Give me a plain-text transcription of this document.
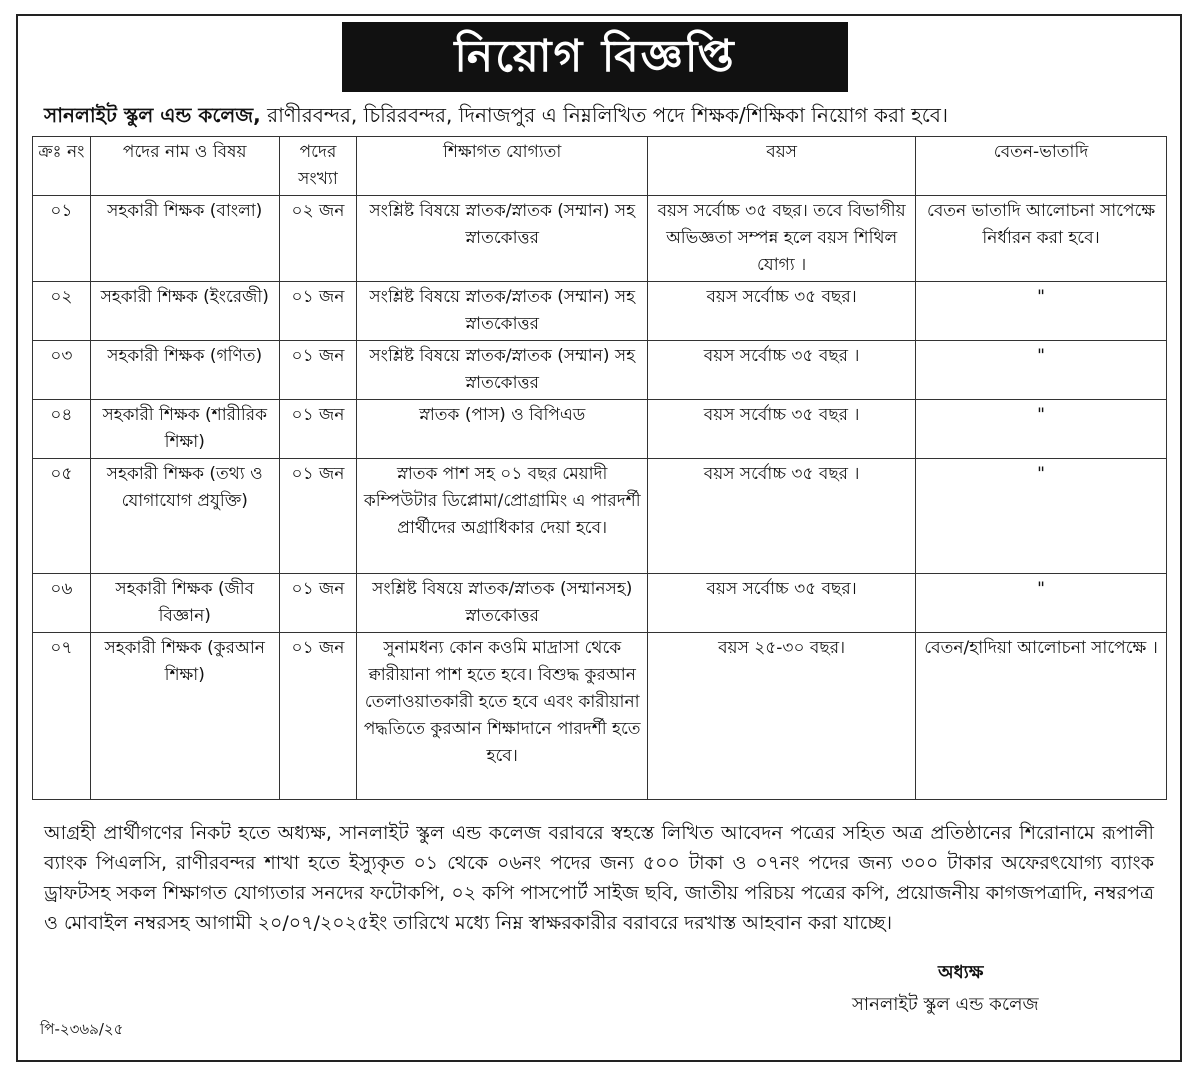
নিয়োগ বিজ্ঞপ্তি
সানলাইট স্কুল এন্ড কলেজ, রাণীরবন্দর, চিরিরবন্দর, দিনাজপুর এ নিম্নলিখিত পদে শিক্ষক/শিক্ষিকা নিয়োগ করা হবে।
ক্রঃ নং	পদের নাম ও বিষয়	পদের সংখ্যা	শিক্ষাগত যোগ্যতা	বয়স	বেতন-ভাতাদি
০১	সহকারী শিক্ষক (বাংলা)	০২ জন	সংশ্লিষ্ট বিষয়ে স্নাতক/স্নাতক (সম্মান) সহ স্নাতকোত্তর	বয়স সর্বোচ্চ ৩৫ বছর। তবে বিভাগীয় অভিজ্ঞতা সম্পন্ন হলে বয়স শিথিল যোগ্য ।	বেতন ভাতাদি আলোচনা সাপেক্ষে নির্ধারন করা হবে।
০২	সহকারী শিক্ষক (ইংরেজী)	০১ জন	সংশ্লিষ্ট বিষয়ে স্নাতক/স্নাতক (সম্মান) সহ স্নাতকোত্তর	বয়স সর্বোচ্চ ৩৫ বছর।	"
০৩	সহকারী শিক্ষক (গণিত)	০১ জন	সংশ্লিষ্ট বিষয়ে স্নাতক/স্নাতক (সম্মান) সহ স্নাতকোত্তর	বয়স সর্বোচ্চ ৩৫ বছর ।	"
০৪	সহকারী শিক্ষক (শারীরিক শিক্ষা)	০১ জন	স্নাতক (পাস) ও বিপিএড	বয়স সর্বোচ্চ ৩৫ বছর ।	"
০৫	সহকারী শিক্ষক (তথ্য ও যোগাযোগ প্রযুক্তি)	০১ জন	স্নাতক পাশ সহ ০১ বছর মেয়াদী কম্পিউটার ডিপ্লোমা/প্রোগ্রামিং এ পারদর্শী প্রার্থীদের অগ্রাধিকার দেয়া হবে।	বয়স সর্বোচ্চ ৩৫ বছর ।	"
০৬	সহকারী শিক্ষক (জীব বিজ্ঞান)	০১ জন	সংশ্লিষ্ট বিষয়ে স্নাতক/স্নাতক (সম্মানসহ) স্নাতকোত্তর	বয়স সর্বোচ্চ ৩৫ বছর।	"
০৭	সহকারী শিক্ষক (কুরআন শিক্ষা)	০১ জন	সুনামধন্য কোন কওমি মাদ্রাসা থেকে ক্বারীয়ানা পাশ হতে হবে। বিশুদ্ধ কুরআন তেলাওয়াতকারী হতে হবে এবং কারীয়ানা পদ্ধতিতে কুরআন শিক্ষাদানে পারদর্শী হতে হবে।	বয়স ২৫-৩০ বছর।	বেতন/হাদিয়া আলোচনা সাপেক্ষে ।
আগ্রহী প্রার্থীগণের নিকট হতে অধ্যক্ষ, সানলাইট স্কুল এন্ড কলেজ বরাবরে স্বহস্তে লিখিত আবেদন পত্রের সহিত অত্র প্রতিষ্ঠানের শিরোনামে রূপালী ব্যাংক পিএলসি, রাণীরবন্দর শাখা হতে ইস্যুকৃত ০১ থেকে ০৬নং পদের জন্য ৫০০ টাকা ও ০৭নং পদের জন্য ৩০০ টাকার অফেরৎযোগ্য ব্যাংক ড্রাফটসহ সকল শিক্ষাগত যোগ্যতার সনদের ফটোকপি, ০২ কপি পাসপোর্ট সাইজ ছবি, জাতীয় পরিচয় পত্রের কপি, প্রয়োজনীয় কাগজপত্রাদি, নম্বরপত্র ও মোবাইল নম্বরসহ আগামী ২০/০৭/২০২৫ইং তারিখে মধ্যে নিম্ন স্বাক্ষরকারীর বরাবরে দরখাস্ত আহবান করা যাচ্ছে।
অধ্যক্ষ
সানলাইট স্কুল এন্ড কলেজ
পি-২৩৬৯/২৫
